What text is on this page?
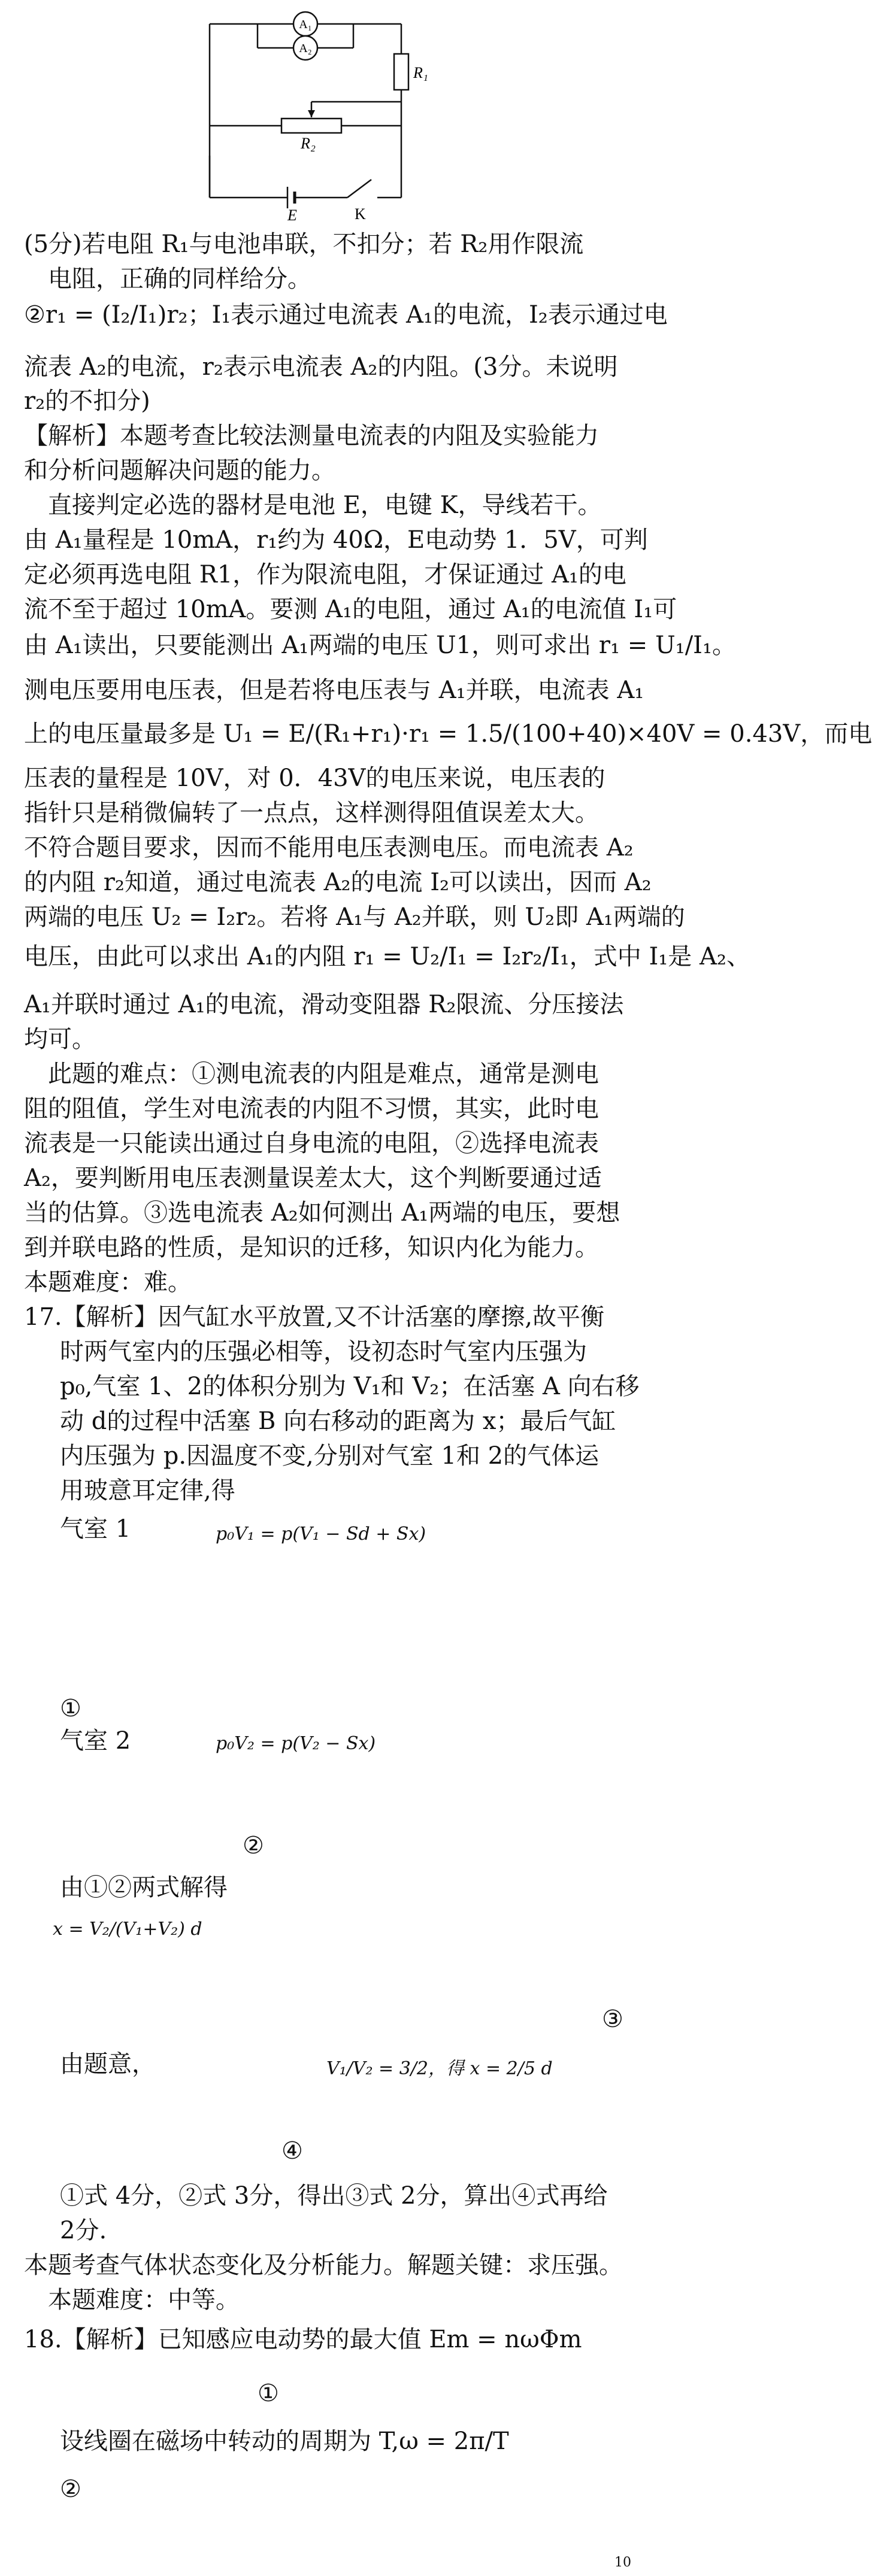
A₁
A₂
R₁
R₂
K
E
(5分)若电阻 R₁与电池串联，不扣分；若 R₂用作限流
电阻，正确的同样给分。
②r₁ = (I₂/I₁)r₂；I₁表示通过电流表 A₁的电流，I₂表示通过电
流表 A₂的电流，r₂表示电流表 A₂的内阻。(3分。未说明
r₂的不扣分)
【解析】本题考查比较法测量电流表的内阻及实验能力
和分析问题解决问题的能力。
直接判定必选的器材是电池 E，电键 K，导线若干。
由 A₁量程是 10mA，r₁约为 40Ω，E电动势 1．5V，可判
定必须再选电阻 R1，作为限流电阻，才保证通过 A₁的电
流不至于超过 10mA。要测 A₁的电阻，通过 A₁的电流值 I₁可
由 A₁读出，只要能测出 A₁两端的电压 U1，则可求出 r₁ = U₁/I₁。
测电压要用电压表，但是若将电压表与 A₁并联，电流表 A₁
上的电压量最多是 U₁ = E/(R₁+r₁)·r₁ = 1.5/(100+40)×40V = 0.43V，而电
压表的量程是 10V，对 0．43V的电压来说，电压表的
指针只是稍微偏转了一点点，这样测得阻值误差太大。
不符合题目要求，因而不能用电压表测电压。而电流表 A₂
的内阻 r₂知道，通过电流表 A₂的电流 I₂可以读出，因而 A₂
两端的电压 U₂ = I₂r₂。若将 A₁与 A₂并联，则 U₂即 A₁两端的
电压，由此可以求出 A₁的内阻 r₁ = U₂/I₁ = I₂r₂/I₁，式中 I₁是 A₂、
A₁并联时通过 A₁的电流，滑动变阻器 R₂限流、分压接法
均可。
此题的难点：①测电流表的内阻是难点，通常是测电
阻的阻值，学生对电流表的内阻不习惯，其实，此时电
流表是一只能读出通过自身电流的电阻，②选择电流表
A₂，要判断用电压表测量误差太大，这个判断要通过适
当的估算。③选电流表 A₂如何测出 A₁两端的电压，要想
到并联电路的性质，是知识的迁移，知识内化为能力。
本题难度：难。
17.【解析】因气缸水平放置,又不计活塞的摩擦,故平衡
时两气室内的压强必相等，设初态时气室内压强为
p₀,气室 1、2的体积分别为 V₁和 V₂；在活塞 A 向右移
动 d的过程中活塞 B 向右移动的距离为 x；最后气缸
内压强为 p.因温度不变,分别对气室 1和 2的气体运
用玻意耳定律,得
气室 1	p₀V₁ = p(V₁ − Sd + Sx)
①
气室 2	p₀V₂ = p(V₂ − Sx)
②
由①②两式解得
x = V₂/(V₁+V₂) d
③
由题意，	V₁/V₂ = 3/2，得 x = 2/5 d
④
①式 4分，②式 3分，得出③式 2分，算出④式再给
2分.
本题考查气体状态变化及分析能力。解题关键：求压强。
本题难度：中等。
18.【解析】已知感应电动势的最大值 Em = nωΦm
①
设线圈在磁场中转动的周期为 T,ω = 2π/T
②
10
